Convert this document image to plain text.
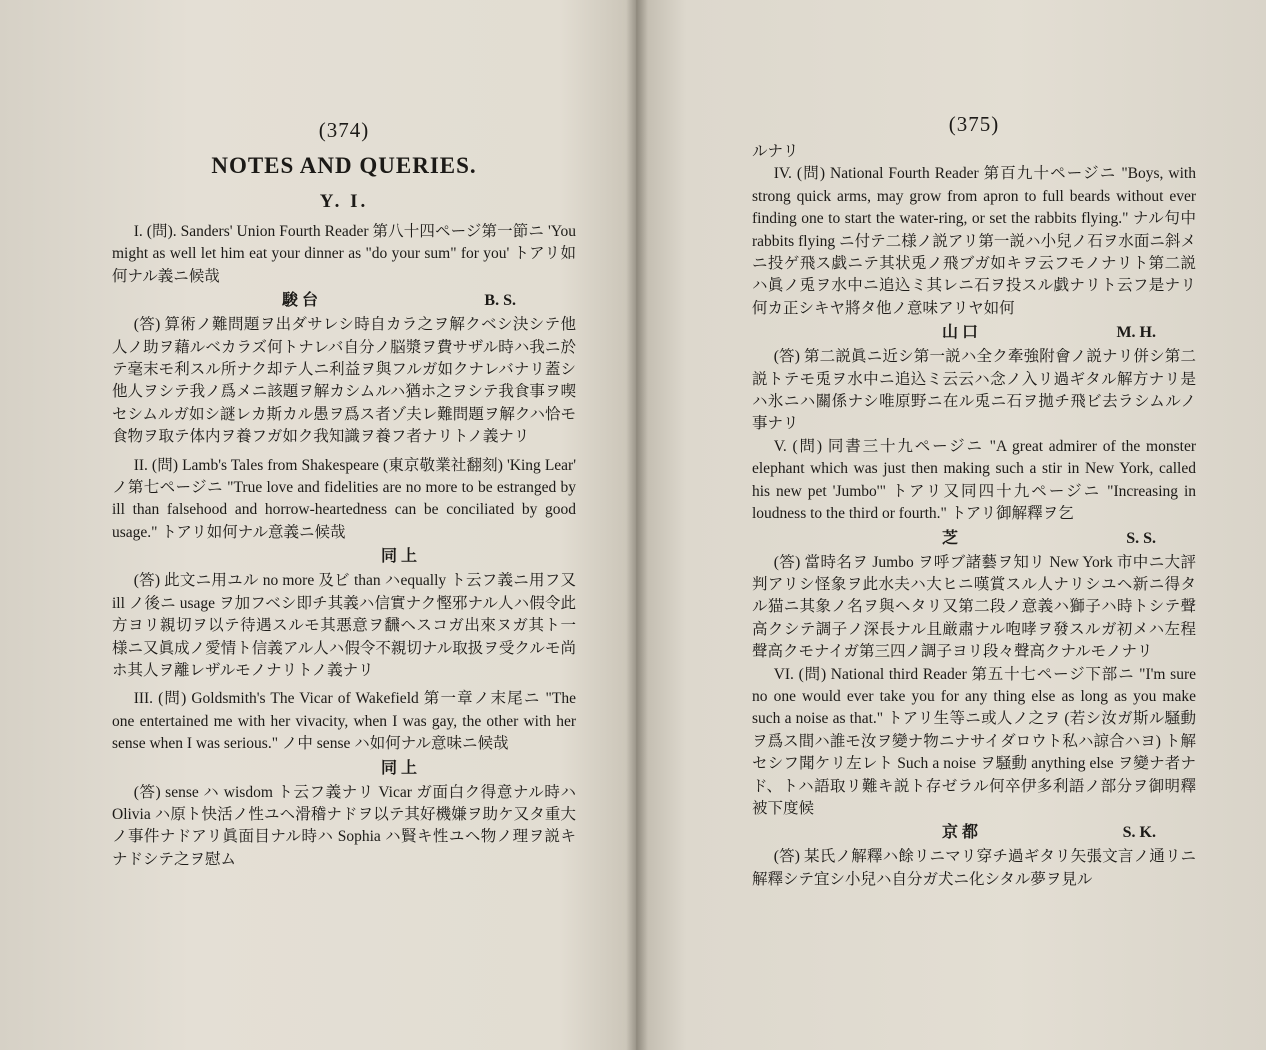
(374)
NOTES AND QUERIES.
Y. I.

I. (問). Sanders' Union Fourth Reader 第八十四ページ第一節ニ 'You might as well let him eat your dinner as "do your sum" for you' トアリ如何ナル義ニ候哉

駿 台	B. S.

(答) 算術ノ難問題ヲ出ダサレシ時自カラ之ヲ解クベシ決シテ他人ノ助ヲ藉ルベカラズ何トナレバ自分ノ脳漿ヲ費サザル時ハ我ニ於テ毫末モ利スル所ナク却テ人ニ利益ヲ與フルガ如クナレバナリ蓋シ他人ヲシテ我ノ爲メニ該題ヲ解カシムルハ猶ホ之ヲシテ我食事ヲ喫セシムルガ如シ謎レカ斯カル愚ヲ爲ス者ゾ夫レ難問題ヲ解クハ恰モ食物ヲ取テ体内ヲ養フガ如ク我知識ヲ養フ者ナリトノ義ナリ

II. (問) Lamb's Tales from Shakespeare (東京敬業社翻刻) 'King Lear' ノ第七ページニ "True love and fidelities are no more to be estranged by ill than falsehood and horrow-heartedness can be conciliated by good usage." トアリ如何ナル意義ニ候哉

同 上

(答) 此文ニ用ユル no more 及ビ than ハequally ト云フ義ニ用フ又 ill ノ後ニ usage ヲ加フベシ即チ其義ハ信實ナク慳邪ナル人ハ假令此方ヨリ親切ヲ以テ待遇スルモ其悪意ヲ飜ヘスコガ出來ヌガ其ト一様ニ又眞成ノ愛情ト信義アル人ハ假令不親切ナル取扱ヲ受クルモ尚ホ其人ヲ離レザルモノナリトノ義ナリ

III. (問) Goldsmith's The Vicar of Wakefield 第一章ノ末尾ニ "The one entertained me with her vivacity, when I was gay, the other with her sense when I was serious." ノ中 sense ハ如何ナル意味ニ候哉

同 上

(答) sense ハ wisdom ト云フ義ナリ Vicar ガ面白ク得意ナル時ハ Olivia ハ原ト快活ノ性ユヘ滑稽ナドヲ以テ其好機嫌ヲ助ケ又タ重大ノ事件ナドアリ眞面目ナル時ハ Sophia ハ賢キ性ユヘ物ノ理ヲ説キナドシテ之ヲ慰ム

(375)

ルナリ

IV. (問) National Fourth Reader 第百九十ページニ "Boys, with strong quick arms, may grow from apron to full beards without ever finding one to start the water-ring, or set the rabbits flying." ナル句中 rabbits flying ニ付テ二様ノ説アリ第一説ハ小兒ノ石ヲ水面ニ斜メニ投ゲ飛ス戯ニテ其状兎ノ飛ブガ如キヲ云フモノナリト第二説ハ眞ノ兎ヲ水中ニ追込ミ其レニ石ヲ投スル戯ナリト云フ是ナリ何カ正シキヤ將タ他ノ意味アリヤ如何

山 口	M. H.

(答) 第二説眞ニ近シ第一説ハ全ク牽強附會ノ説ナリ併シ第二説トテモ兎ヲ水中ニ追込ミ云云ハ念ノ入リ過ギタル解方ナリ是ハ氷ニハ關係ナシ唯原野ニ在ル兎ニ石ヲ拋チ飛ビ去ラシムルノ事ナリ

V. (問) 同書三十九ページニ "A great admirer of the monster elephant which was just then making such a stir in New York, called his new pet 'Jumbo'" トアリ又同四十九ページニ "Increasing in loudness to the third or fourth." トアリ御解釋ヲ乞

芝	S. S.

(答) 當時名ヲ Jumbo ヲ呼ブ諸藝ヲ知リ New York 市中ニ大評判アリシ怪象ヲ此水夫ハ大ヒニ嘆賞スル人ナリシユヘ新ニ得タル猫ニ其象ノ名ヲ與ヘタリ又第二段ノ意義ハ獅子ハ時トシテ聲高クシテ調子ノ深長ナル且厳肅ナル咆哮ヲ發スルガ初メハ左程聲高クモナイガ第三四ノ調子ヨリ段々聲高クナルモノナリ

VI. (問) National third Reader 第五十七ページ下部ニ "I'm sure no one would ever take you for any thing else as long as you make such a noise as that." トアリ生等ニ或人ノ之ヲ (若シ汝ガ斯ル騒動ヲ爲ス間ハ誰モ汝ヲ變ナ物ニナサイダロウト私ハ諒合ハヨ) ト解セシフ聞ケリ左レト Such a noise ヲ騒動 anything else ヲ變ナ者ナド、トハ語取リ難キ説ト存ゼラル何卒伊多利語ノ部分ヲ御明釋被下度候

京 都	S. K.

(答) 某氏ノ解釋ハ餘リニマリ穿チ過ギタリ矢張文言ノ通リニ解釋シテ宜シ小兒ハ自分ガ犬ニ化シタル夢ヲ見ル
